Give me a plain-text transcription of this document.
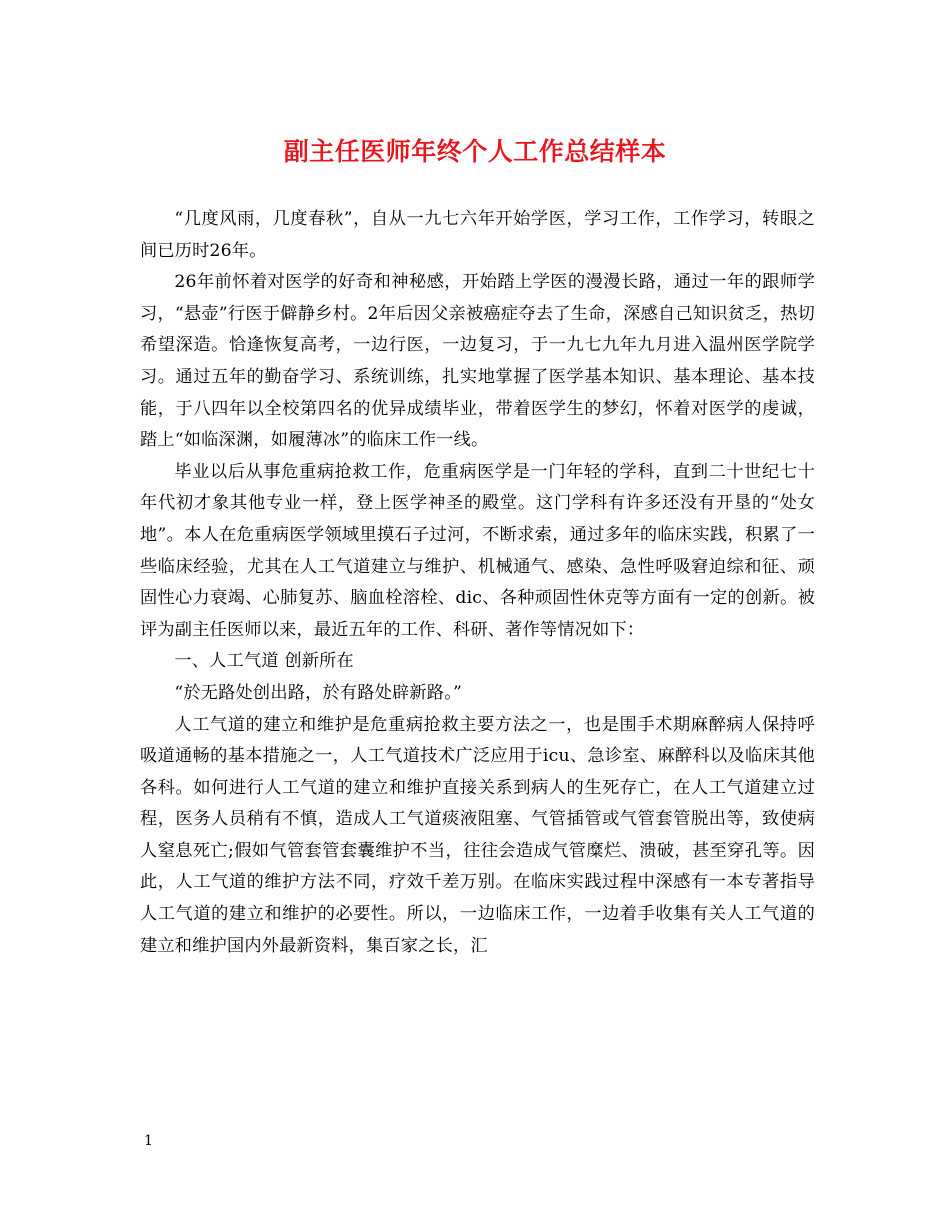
副主任医师年终个人工作总结样本

“几度风雨，几度春秋”，自从一九七六年开始学医，学习工作，工作学习，转眼之间已历时26年。

26年前怀着对医学的好奇和神秘感，开始踏上学医的漫漫长路，通过一年的跟师学习，“悬壶”行医于僻静乡村。2年后因父亲被癌症夺去了生命，深感自己知识贫乏，热切希望深造。恰逢恢复高考，一边行医，一边复习，于一九七九年九月进入温州医学院学习。通过五年的勤奋学习、系统训练，扎实地掌握了医学基本知识、基本理论、基本技能，于八四年以全校第四名的优异成绩毕业，带着医学生的梦幻，怀着对医学的虔诚，踏上“如临深渊，如履薄冰”的临床工作一线。

毕业以后从事危重病抢救工作，危重病医学是一门年轻的学科，直到二十世纪七十年代初才象其他专业一样，登上医学神圣的殿堂。这门学科有许多还没有开垦的“处女地”。本人在危重病医学领域里摸石子过河，不断求索，通过多年的临床实践，积累了一些临床经验，尤其在人工气道建立与维护、机械通气、感染、急性呼吸窘迫综和征、顽固性心力衰竭、心肺复苏、脑血栓溶栓、dic、各种顽固性休克等方面有一定的创新。被评为副主任医师以来，最近五年的工作、科研、著作等情况如下：

一、人工气道 创新所在

“於无路处创出路，於有路处辟新路。”

人工气道的建立和维护是危重病抢救主要方法之一，也是围手术期麻醉病人保持呼吸道通畅的基本措施之一，人工气道技术广泛应用于icu、急诊室、麻醉科以及临床其他各科。如何进行人工气道的建立和维护直接关系到病人的生死存亡，在人工气道建立过程，医务人员稍有不慎，造成人工气道痰液阻塞、气管插管或气管套管脱出等，致使病人窒息死亡;假如气管套管套囊维护不当，往往会造成气管糜烂、溃破，甚至穿孔等。因此，人工气道的维护方法不同，疗效千差万别。在临床实践过程中深感有一本专著指导人工气道的建立和维护的必要性。所以，一边临床工作，一边着手收集有关人工气道的建立和维护国内外最新资料，集百家之长，汇

1
